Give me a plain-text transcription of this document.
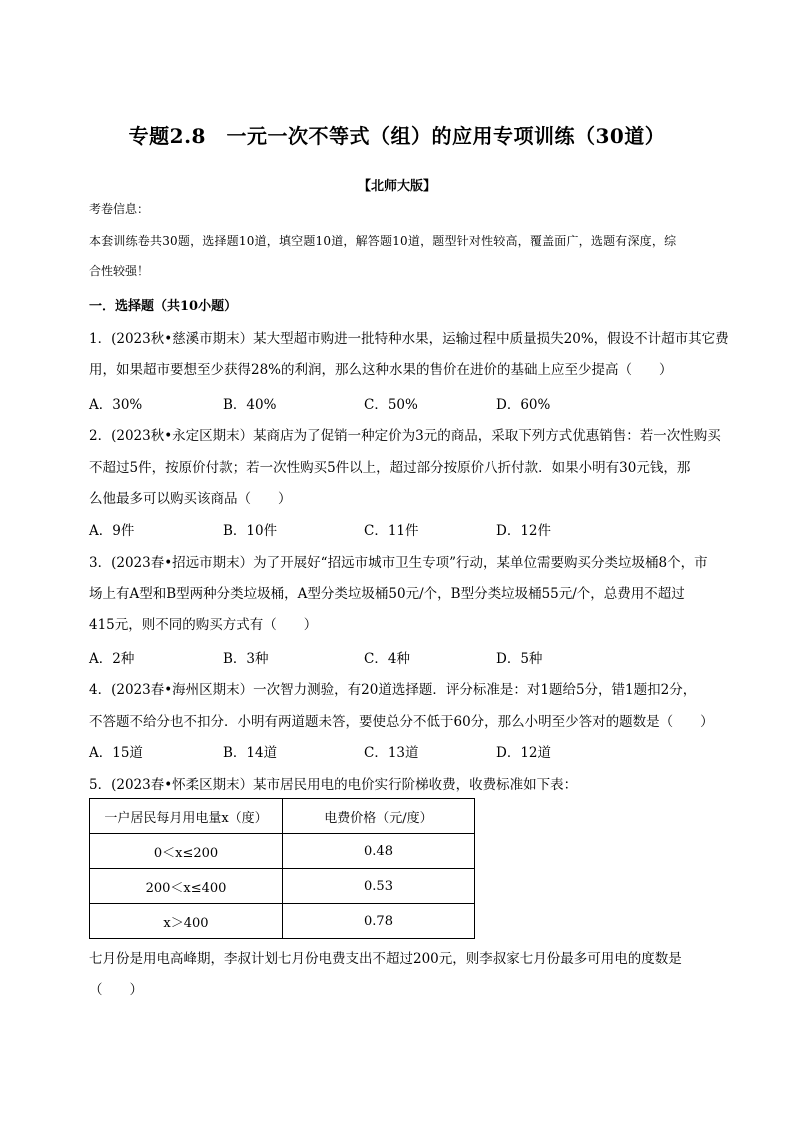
专题2.8　一元一次不等式（组）的应用专项训练（30道）
【北师大版】
考卷信息：
本套训练卷共30题，选择题10道，填空题10道，解答题10道，题型针对性较高，覆盖面广，选题有深度，综
合性较强！
一．选择题（共10小题）
1．(2023秋•慈溪市期末）某大型超市购进一批特种水果，运输过程中质量损失20%，假设不计超市其它费
用，如果超市要想至少获得28%的利润，那么这种水果的售价在进价的基础上应至少提高（　　）
A．30%	B．40%	C．50%	D．60%
2．(2023秋•永定区期末）某商店为了促销一种定价为3元的商品，采取下列方式优惠销售：若一次性购买
不超过5件，按原价付款；若一次性购买5件以上，超过部分按原价八折付款．如果小明有30元钱，那
么他最多可以购买该商品（　　）
A．9件	B．10件	C．11件	D．12件
3．(2023春•招远市期末）为了开展好“招远市城市卫生专项”行动，某单位需要购买分类垃圾桶8个，市
场上有A型和B型两种分类垃圾桶，A型分类垃圾桶50元/个，B型分类垃圾桶55元/个，总费用不超过
415元，则不同的购买方式有（　　）
A．2种	B．3种	C．4种	D．5种
4．(2023春•海州区期末）一次智力测验，有20道选择题．评分标准是：对1题给5分，错1题扣2分，
不答题不给分也不扣分．小明有两道题未答，要使总分不低于60分，那么小明至少答对的题数是（　　）
A．15道	B．14道	C．13道	D．12道
5．(2023春•怀柔区期末）某市居民用电的电价实行阶梯收费，收费标准如下表：
一户居民每月用电量x（度）	电费价格（元/度）
0＜x≤200	0.48
200＜x≤400	0.53
x＞400	0.78
七月份是用电高峰期，李叔计划七月份电费支出不超过200元，则李叔家七月份最多可用电的度数是
（　　）
